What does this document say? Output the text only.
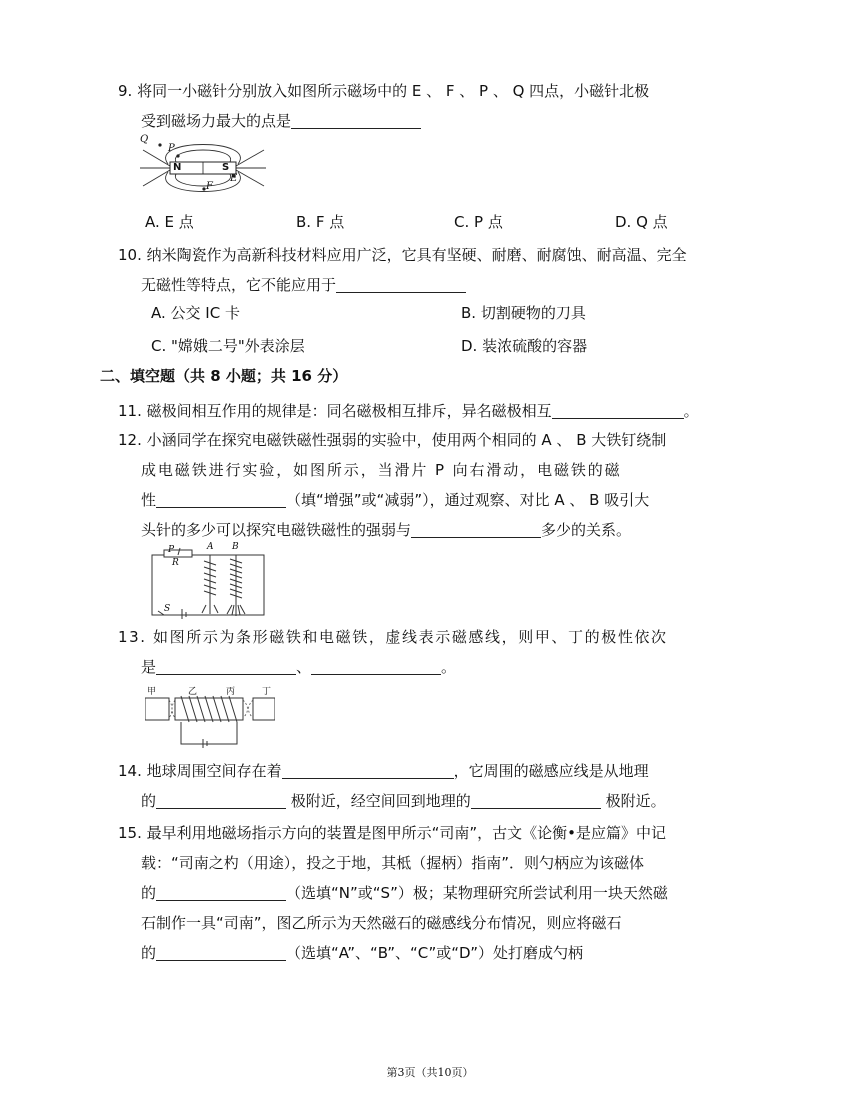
9. 将同一小磁针分别放入如图所示磁场中的 E 、 F 、 P 、 Q 四点，小磁针北极
受到磁场力最大的点是
Q
P
N	S
E
F
A. E 点	B. F 点	C. P 点	D. Q 点
10. 纳米陶瓷作为高新科技材料应用广泛，它具有坚硬、耐磨、耐腐蚀、耐高温、完全
无磁性等特点，它不能应用于
A. 公交 IC 卡	B. 切割硬物的刀具
C. "嫦娥二号"外表涂层	D. 装浓硫酸的容器
二、填空题（共 8 小题；共 16 分）
11. 磁极间相互作用的规律是：同名磁极相互排斥，异名磁极相互	。
12. 小涵同学在探究电磁铁磁性强弱的实验中，使用两个相同的 A 、 B 大铁钉绕制
成电磁铁进行实验，如图所示，当滑片 P 向右滑动，电磁铁的磁
性	（填“增强”或“减弱”），通过观察、对比 A 、 B 吸引大
头针的多少可以探究电磁铁磁性的强弱与	多少的关系。
P
R
A B
S
13. 如图所示为条形磁铁和电磁铁，虚线表示磁感线，则甲、丁的极性依次
是	、	。
甲	乙	丙	丁
14. 地球周围空间存在着	，它周围的磁感应线是从地理
的	极附近，经空间回到地理的	极附近。
15. 最早利用地磁场指示方向的装置是图甲所示“司南”，古文《论衡•是应篇》中记
载：“司南之杓（用途），投之于地，其柢（握柄）指南”．则勺柄应为该磁体
的	（选填“N”或“S”）极；某物理研究所尝试利用一块天然磁
石制作一具“司南”，图乙所示为天然磁石的磁感线分布情况，则应将磁石
的	（选填“A”、“B”、“C”或“D”）处打磨成勺柄
第3页（共10页）
